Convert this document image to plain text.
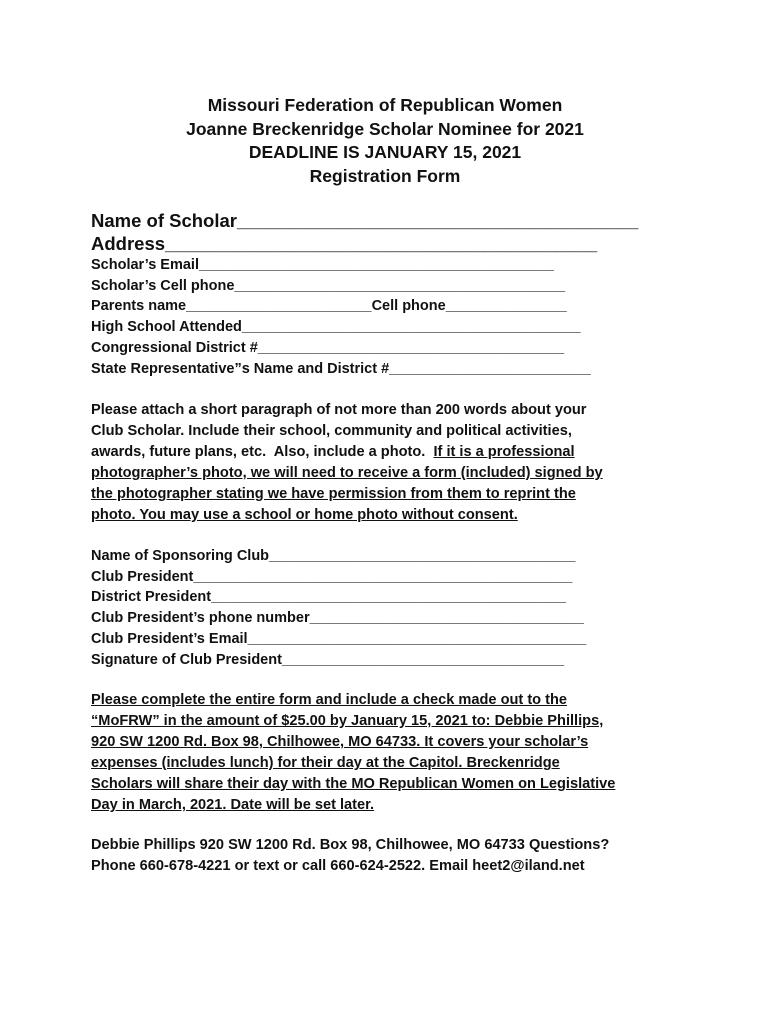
Missouri Federation of Republican Women
Joanne Breckenridge Scholar Nominee for 2021
DEADLINE IS JANUARY 15, 2021
Registration Form
Name of Scholar_______________________________________
Address__________________________________________
Scholar’s Email____________________________________________
Scholar’s Cell phone_________________________________________
Parents name_______________________Cell phone_______________
High School Attended__________________________________________
Congressional District #______________________________________
State Representative”s Name and District #_________________________
Please attach a short paragraph of not more than 200 words about your
Club Scholar. Include their school, community and political activities,
awards, future plans, etc.  Also, include a photo.  If it is a professional
photographer’s photo, we will need to receive a form (included) signed by
the photographer stating we have permission from them to reprint the
photo. You may use a school or home photo without consent.
Name of Sponsoring Club______________________________________
Club President_______________________________________________
District President____________________________________________
Club President’s phone number__________________________________
Club President’s Email__________________________________________
Signature of Club President___________________________________
Please complete the entire form and include a check made out to the
“MoFRW” in the amount of $25.00 by January 15, 2021 to: Debbie Phillips,
920 SW 1200 Rd. Box 98, Chilhowee, MO 64733. It covers your scholar’s
expenses (includes lunch) for their day at the Capitol. Breckenridge
Scholars will share their day with the MO Republican Women on Legislative
Day in March, 2021. Date will be set later.
Debbie Phillips 920 SW 1200 Rd. Box 98, Chilhowee, MO 64733 Questions?
Phone 660-678-4221 or text or call 660-624-2522. Email heet2@iland.net
